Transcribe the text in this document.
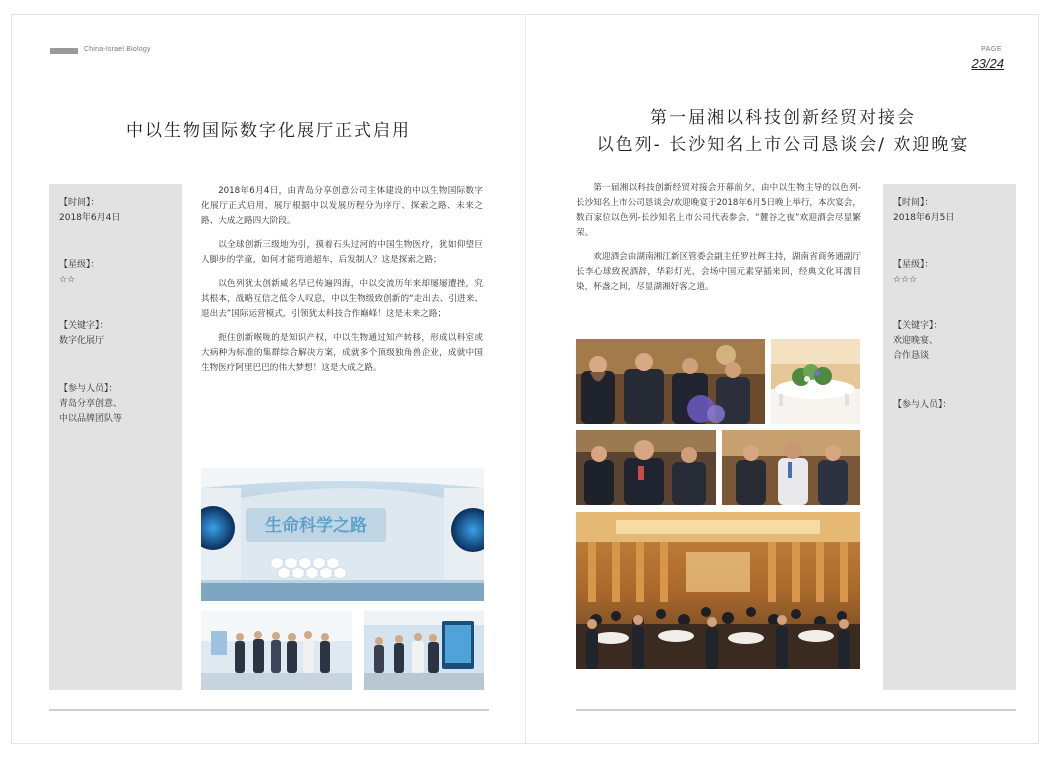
China-Israel Biology
中以生物国际数字化展厅正式启用
【时间】：
2018年6月4日
【星级】：
☆☆
【关键字】：
数字化展厅
【参与人员】：
青岛分享创意、
中以品牌团队等

2018年6月4日，由青岛分享创意公司主体建设的中以生物国际数字化展厅正式启用，展厅根据中以发展历程分为序厅、探索之路、未来之路、大成之路四大阶段。

以全球创新三级地为引，摸着石头过河的中国生物医疗，犹如仰望巨人脚步的学童，如何才能弯道超车，后发制人？这是探索之路；

以色列犹太创新威名早已传遍四海，中以交流历年来却屡屡遭挫，究其根本，战略互信之低令人叹息，中以生物级致创新的“走出去、引进来、退出去”国际运营模式，引领犹太科技合作巅峰！这是未来之路；

扼住创新喉咙的是知识产权，中以生物通过知产转移，形成以科室或大病种为标准的集群综合解决方案，成就多个顶级独角兽企业，成就中国生物医疗阿里巴巴的伟大梦想！这是大成之路。

生命科学之路
PAGE
23/24
第一届湘以科技创新经贸对接会
以色列- 长沙知名上市公司恳谈会/ 欢迎晚宴

第一届湘以科技创新经贸对接会开幕前夕，由中以生物主导的以色列-长沙知名上市公司恳谈会/欢迎晚宴于2018年6月5日晚上举行，本次宴会，数百家位以色列-长沙知名上市公司代表参会，“麓谷之夜”欢迎酒会尽显繁荣。

欢迎酒会由湖南湘江新区管委会副主任罗社辉主持，湖南省商务通副厅长李心球致祝酒辞，华彩灯光，会场中国元素穿插来回，经典文化耳濡目染，杯盏之间，尽显湖湘好客之道。

【时间】：
2018年6月5日
【星级】：
☆☆☆
【关键字】：
欢迎晚宴、
合作恳谈
【参与人员】：
